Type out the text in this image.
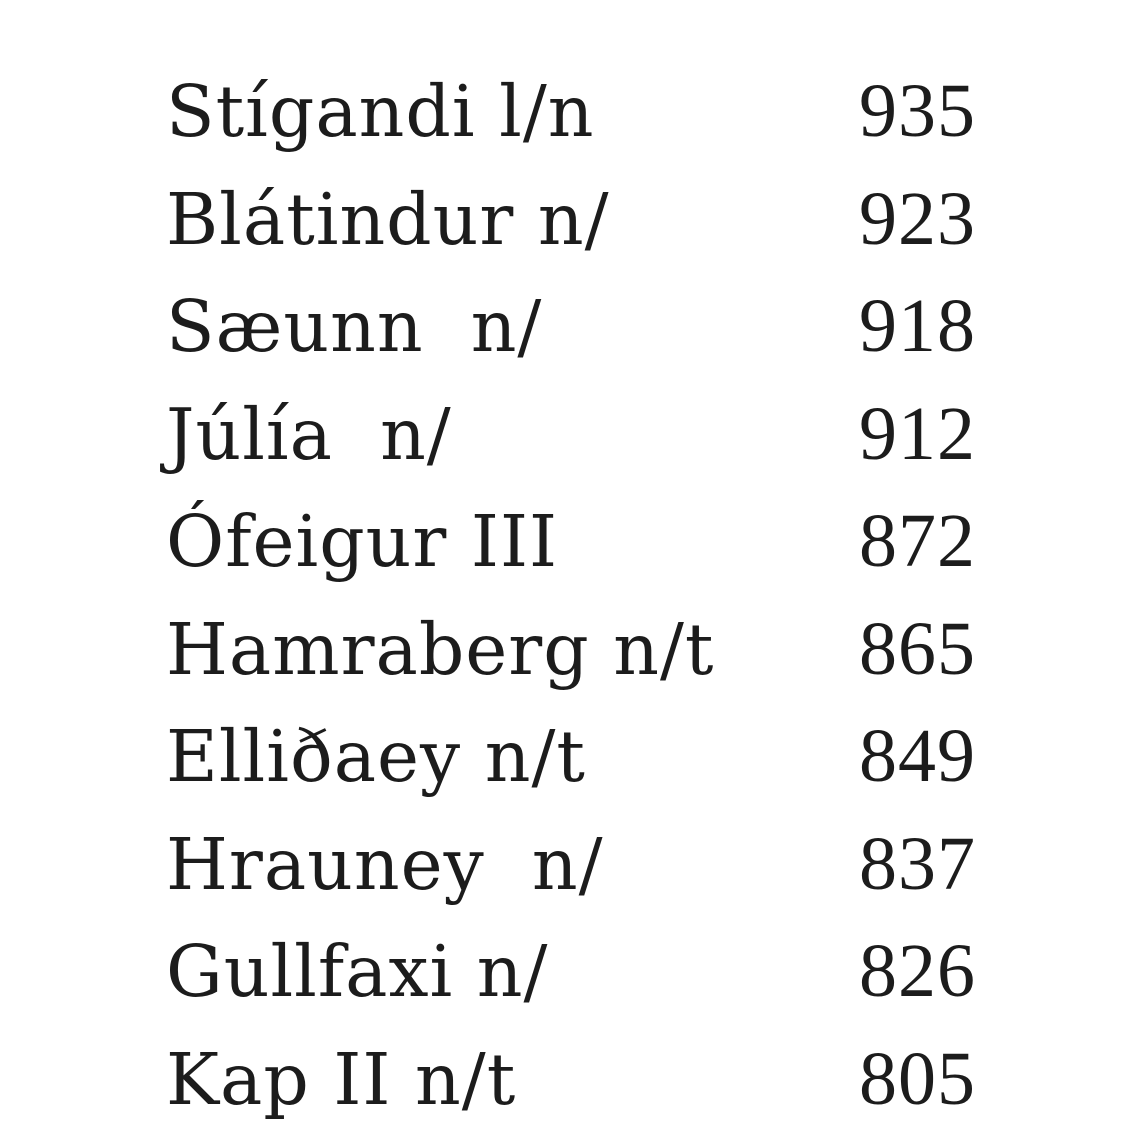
Stígandi l/n	935
Blátindur n/	923
Sæunn  n/	918
Júlía  n/	912
Ófeigur III	872
Hamraberg n/t 865
Elliðaey n/t	849
Hrauney  n/	837
Gullfaxi n/	826
Kap II n/t	805
